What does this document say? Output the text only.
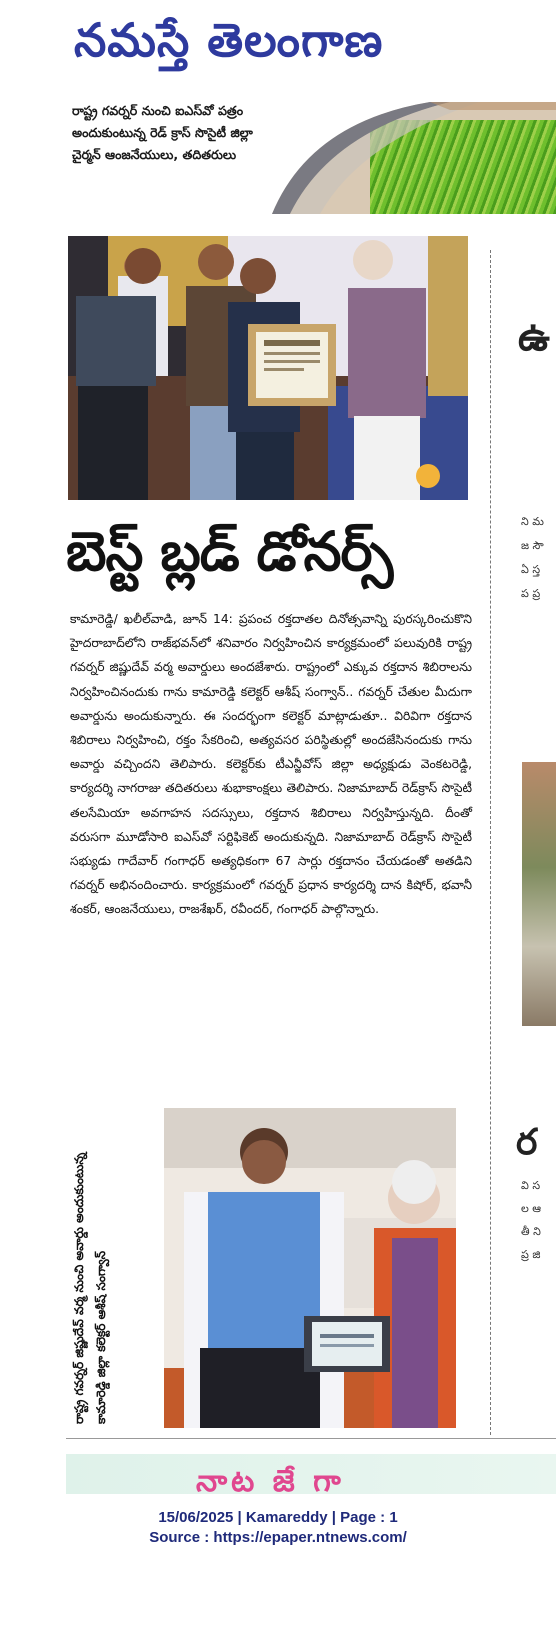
నమస్తే తెలంగాణ
రాష్ట్ర గవర్నర్ నుంచి ఐఎస్‌వో పత్రం అందుకుంటున్న రెడ్ క్రాస్ సొసైటీ జిల్లా చైర్మన్ ఆంజనేయులు, తదితరులు
బెస్ట్ బ్లడ్ డోనర్స్
కామారెడ్డి/ ఖలీల్‌వాడి, జూన్ 14: ప్రపంచ రక్తదాతల దినోత్సవాన్ని పురస్కరించుకొని హైదరాబాద్‌లోని రాజ్‌భవన్‌లో శనివారం నిర్వహించిన కార్యక్రమంలో పలువురికి రాష్ట్ర గవర్నర్ జిష్ణుదేవ్ వర్మ అవార్డులు అందజేశారు. రాష్ట్రంలో ఎక్కువ రక్తదాన శిబిరాలను నిర్వహించినందుకు గాను కామారెడ్డి కలెక్టర్ ఆశీష్ సంగ్వాన్.. గవర్నర్ చేతుల మీదుగా అవార్డును అందుకున్నారు. ఈ సందర్భంగా కలెక్టర్ మాట్లాడుతూ.. విరివిగా రక్తదాన శిబిరాలు నిర్వహించి, రక్తం సేకరించి, అత్యవసర పరిస్థితుల్లో అందజేసినందుకు గాను అవార్డు వచ్చిందని తెలిపారు. కలెక్టర్‌కు టీఎన్జీవోస్ జిల్లా అధ్యక్షుడు వెంకటరెడ్డి, కార్యదర్శి నాగరాజు తదితరులు శుభాకాంక్షలు తెలిపారు. నిజామాబాద్ రెడ్‌క్రాస్ సొసైటీ తలసేమియా అవగాహన సదస్సులు, రక్తదాన శిబిరాలు నిర్వహిస్తున్నది. దీంతో వరుసగా మూడోసారి ఐఎస్‌వో సర్టిఫికెట్ అందుకున్నది. నిజామాబాద్ రెడ్‌క్రాస్ సొసైటీ సభ్యుడు గాదేవార్ గంగాధర్ అత్యధికంగా 67 సార్లు రక్తదానం చేయడంతో అతడిని గవర్నర్ అభినందించారు. కార్యక్రమంలో గవర్నర్ ప్రధాన కార్యదర్శి దాన కిషోర్, భవానీ శంకర్, ఆంజనేయులు, రాజశేఖర్, రవీందర్, గంగాధర్ పాల్గొన్నారు.
రాష్ట్ర గవర్నర్ జిష్ణుదేవ్ వర్మ నుంచి అవార్డు అందుకుంటున్న కామారెడ్డి జిల్లా కలెక్టర్ ఆశీష్ సంగ్వాన్
ఉ
ని మ జ సౌ ఏ స్త ప ప్ర
ర
వి స ల ఆ తీ ని ప్ర జి
నాట జే గా
15/06/2025 | Kamareddy | Page : 1
Source : https://epaper.ntnews.com/
